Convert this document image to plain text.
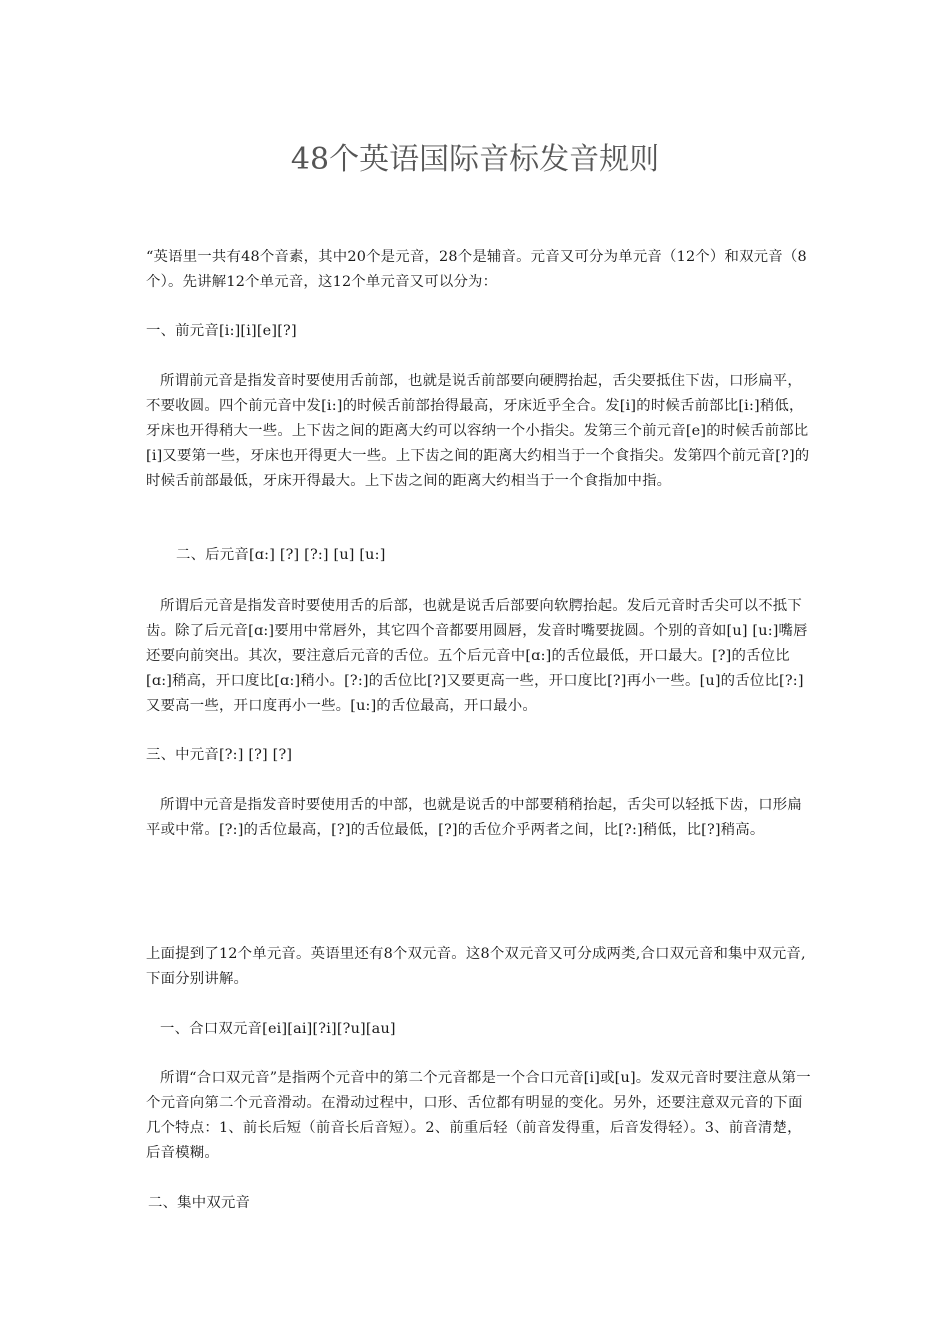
48个英语国际音标发音规则

“英语里一共有48个音素，其中20个是元音，28个是辅音。元音又可分为单元音（12个）和双元音（8个）。先讲解12个单元音，这12个单元音又可以分为：

一、前元音[i:][i][e][?]

所谓前元音是指发音时要使用舌前部，也就是说舌前部要向硬腭抬起，舌尖要抵住下齿，口形扁平，不要收圆。四个前元音中发[i:]的时候舌前部抬得最高，牙床近乎全合。发[i]的时候舌前部比[i:]稍低，牙床也开得稍大一些。上下齿之间的距离大约可以容纳一个小指尖。发第三个前元音[e]的时候舌前部比[i]又要第一些，牙床也开得更大一些。上下齿之间的距离大约相当于一个食指尖。发第四个前元音[?]的时候舌前部最低，牙床开得最大。上下齿之间的距离大约相当于一个食指加中指。

二、后元音[ɑ:] [?] [?:] [u] [u:]

所谓后元音是指发音时要使用舌的后部，也就是说舌后部要向软腭抬起。发后元音时舌尖可以不抵下齿。除了后元音[ɑ:]要用中常唇外，其它四个音都要用圆唇，发音时嘴要拢圆。个别的音如[u] [u:]嘴唇还要向前突出。其次，要注意后元音的舌位。五个后元音中[ɑ:]的舌位最低，开口最大。[?]的舌位比[ɑ:]稍高，开口度比[ɑ:]稍小。[?:]的舌位比[?]又要更高一些，开口度比[?]再小一些。[u]的舌位比[?:]又要高一些，开口度再小一些。[u:]的舌位最高，开口最小。

三、中元音[?:] [?] [?]

所谓中元音是指发音时要使用舌的中部，也就是说舌的中部要稍稍抬起，舌尖可以轻抵下齿，口形扁平或中常。[?:]的舌位最高，[?]的舌位最低，[?]的舌位介乎两者之间，比[?:]稍低，比[?]稍高。

上面提到了12个单元音。英语里还有8个双元音。这8个双元音又可分成两类,合口双元音和集中双元音,下面分别讲解。

一、合口双元音[ei][ai][?i][?u][au]

所谓“合口双元音”是指两个元音中的第二个元音都是一个合口元音[i]或[u]。发双元音时要注意从第一个元音向第二个元音滑动。在滑动过程中，口形、舌位都有明显的变化。另外，还要注意双元音的下面几个特点：1、前长后短（前音长后音短）。2、前重后轻（前音发得重，后音发得轻）。3、前音清楚，后音模糊。

二、集中双元音
